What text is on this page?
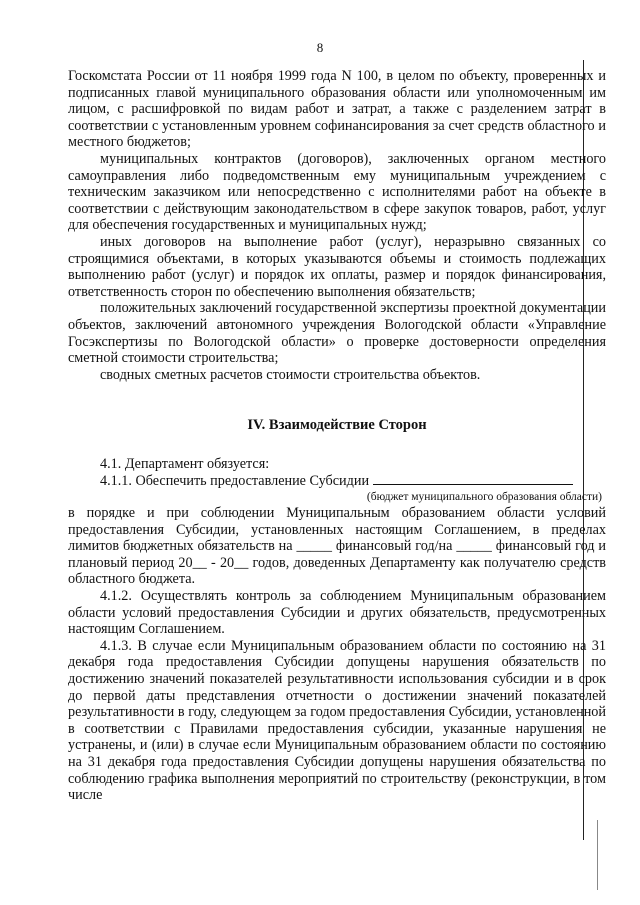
8

Госкомстата России от 11 ноября 1999 года N 100, в целом по объекту, проверенных и подписанных главой муниципального образования области или уполномоченным им лицом, с расшифровкой по видам работ и затрат, а также с разделением затрат в соответствии с установленным уровнем софинансирования за счет средств областного и местного бюджетов;

муниципальных контрактов (договоров), заключенных органом местного самоуправления либо подведомственным ему муниципальным учреждением с техническим заказчиком или непосредственно с исполнителями работ на объекте в соответствии с действующим законодательством в сфере закупок товаров, работ, услуг для обеспечения государственных и муниципальных нужд;

иных договоров на выполнение работ (услуг), неразрывно связанных со строящимися объектами, в которых указываются объемы и стоимость подлежащих выполнению работ (услуг) и порядок их оплаты, размер и порядок финансирования, ответственность сторон по обеспечению выполнения обязательств;

положительных заключений государственной экспертизы проектной документации объектов, заключений автономного учреждения Вологодской области «Управление Госэкспертизы по Вологодской области» о проверке достоверности определения сметной стоимости строительства;

сводных сметных расчетов стоимости строительства объектов.

IV. Взаимодействие Сторон

4.1. Департамент обязуется:

4.1.1. Обеспечить предоставление Субсидии

(бюджет муниципального образования области)

в порядке и при соблюдении Муниципальным образованием области условий предоставления Субсидии, установленных настоящим Соглашением, в пределах лимитов бюджетных обязательств на _____ финансовый год/на _____ финансовый год и плановый период 20__ - 20__ годов, доведенных Департаменту как получателю средств областного бюджета.

4.1.2. Осуществлять контроль за соблюдением Муниципальным образованием области условий предоставления Субсидии и других обязательств, предусмотренных настоящим Соглашением.

4.1.3. В случае если Муниципальным образованием области по состоянию на 31 декабря года предоставления Субсидии допущены нарушения обязательств по достижению значений показателей результативности использования субсидии и в срок до первой даты представления отчетности о достижении значений показателей результативности в году, следующем за годом предоставления Субсидии, установленной в соответствии с Правилами предоставления субсидии, указанные нарушения не устранены, и (или) в случае если Муниципальным образованием области по состоянию на 31 декабря года предоставления Субсидии допущены нарушения обязательства по соблюдению графика выполнения мероприятий по строительству (реконструкции, в том числе
